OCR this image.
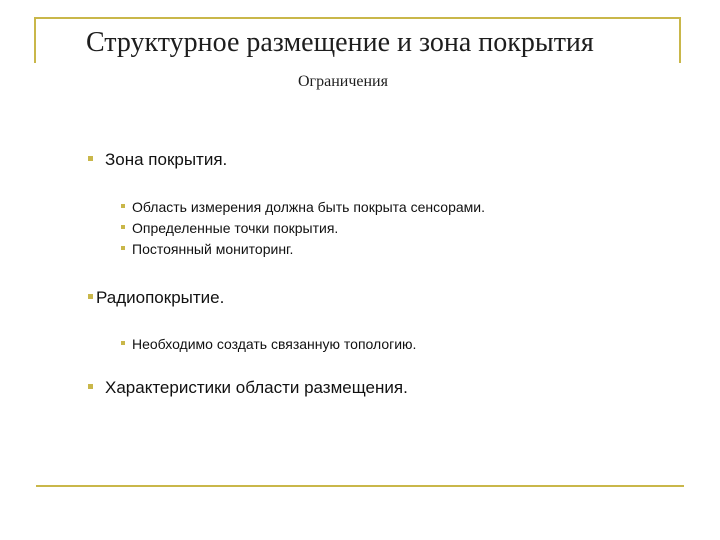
Структурное размещение и зона покрытия
Ограничения
Зона покрытия.
Область измерения должна быть покрыта сенсорами.
Определенные точки покрытия.
Постоянный мониторинг.
Радиопокрытие.
Необходимо создать связанную топологию.
Характеристики области размещения.
